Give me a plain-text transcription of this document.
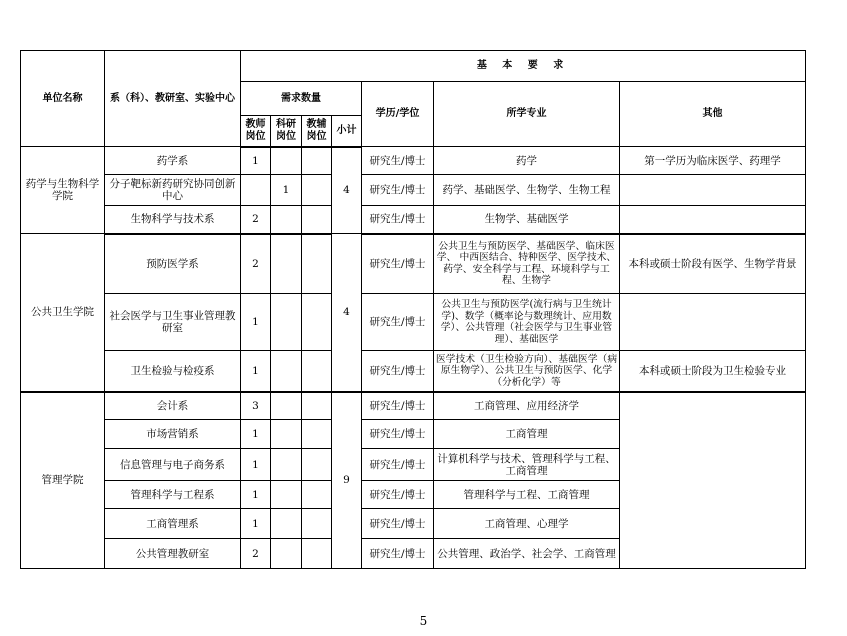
单位名称	系（科）、教研室、实验中心	基 本 要 求						
		需求数量				学历/学位	所学专业	其他
		教师岗位	科研岗位	教辅岗位	小计			
药学与生物科学学院	药学系	1			4	研究生/博士	药学	第一学历为临床医学、药理学
	分子靶标新药研究协同创新中心		1			研究生/博士	药学、基础医学、生物学、生物工程	
	生物科学与技术系	2				研究生/博士	生物学、基础医学	
公共卫生学院	预防医学系	2			4	研究生/博士	公共卫生与预防医学、基础医学、临床医学、 中西医结合、特种医学、医学技术、药学、安全科学与工程、环境科学与工程、生物学	本科或硕士阶段有医学、生物学背景
	社会医学与卫生事业管理教研室	1				研究生/博士	公共卫生与预防医学(流行病与卫生统计学)、数学（概率论与数理统计、应用数学）、公共管理（社会医学与卫生事业管理）、基础医学	
	卫生检验与检疫系	1				研究生/博士	医学技术（卫生检验方向）、基础医学（病原生物学）、公共卫生与预防医学、化学（分析化学）等	本科或硕士阶段为卫生检验专业
管理学院	会计系	3			9	研究生/博士	工商管理、应用经济学	
	市场营销系	1				研究生/博士	工商管理	
	信息管理与电子商务系	1				研究生/博士	计算机科学与技术、管理科学与工程、工商管理	
	管理科学与工程系	1				研究生/博士	管理科学与工程、工商管理	
	工商管理系	1				研究生/博士	工商管理、心理学	
	公共管理教研室	2				研究生/博士	公共管理、政治学、社会学、工商管理	
5
